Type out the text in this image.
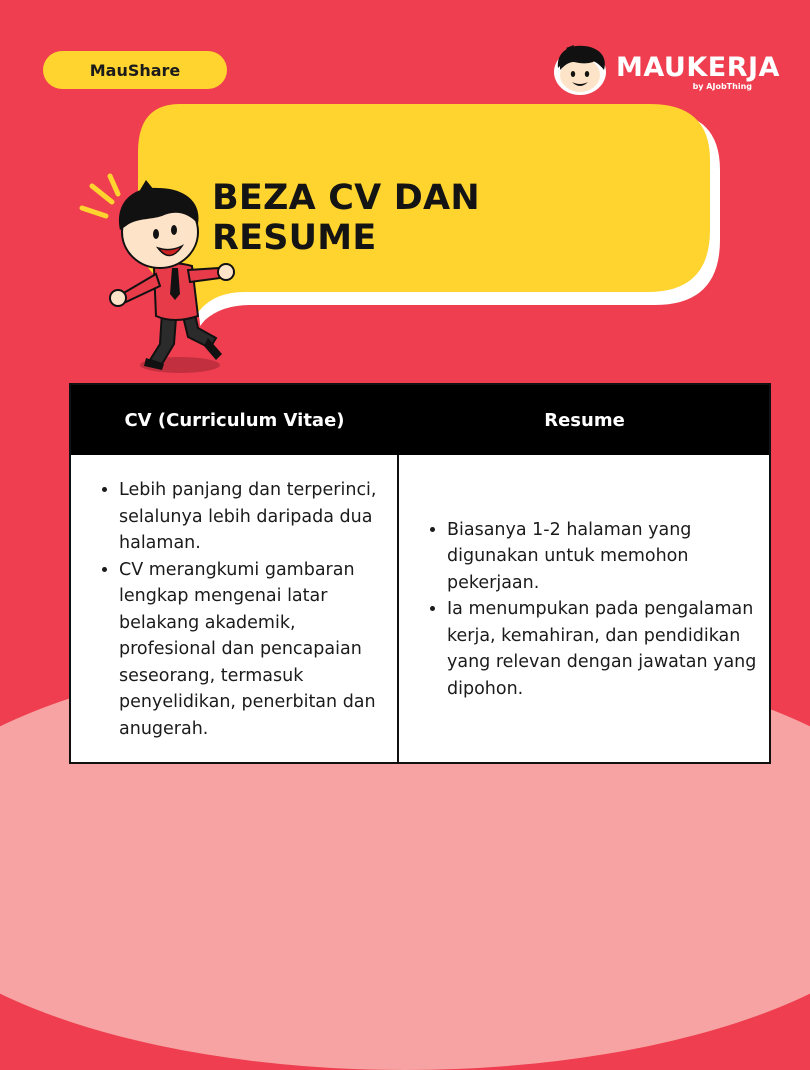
MauShare	MAUKERJA
by AJobThing
BEZA CV DAN RESUME
CV (Curriculum Vitae)	Resume
• Lebih panjang dan terperinci, selalunya lebih daripada dua halaman.
• CV merangkumi gambaran lengkap mengenai latar belakang akademik, profesional dan pencapaian seseorang, termasuk penyelidikan, penerbitan dan anugerah.
• Biasanya 1-2 halaman yang digunakan untuk memohon pekerjaan.
• Ia menumpukan pada pengalaman kerja, kemahiran, dan pendidikan yang relevan dengan jawatan yang dipohon.
